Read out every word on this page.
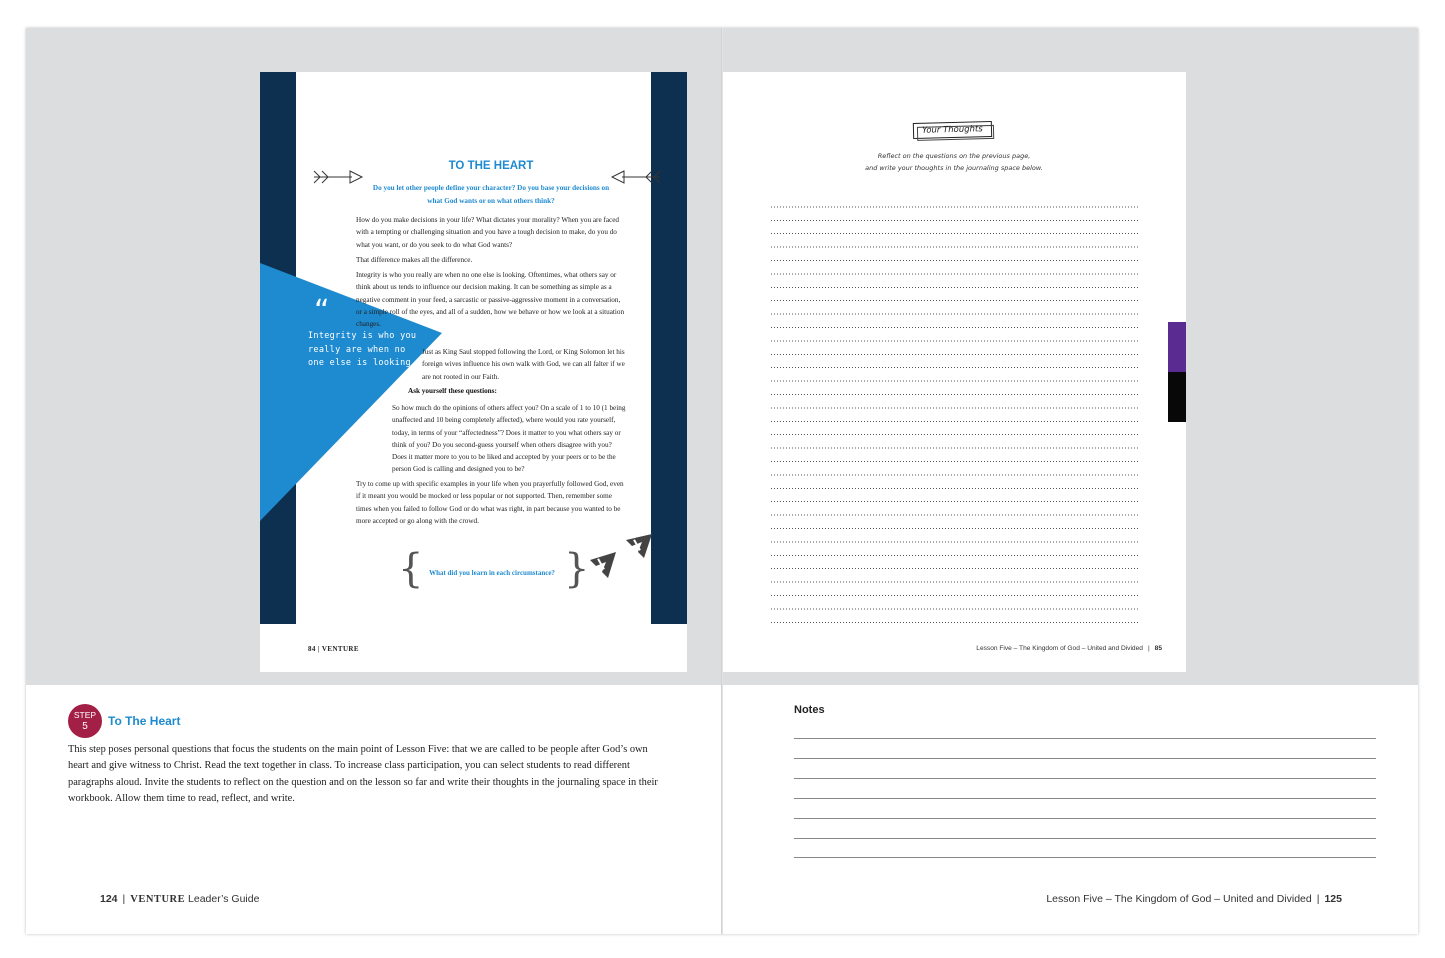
“
Integrity is who you really are when no one else is looking.
TO THE HEART
Do you let other people define your character? Do you base your decisions on what God wants or on what others think?
How do you make decisions in your life? What dictates your morality? When you are faced with a tempting or challenging situation and you have a tough decision to make, do you do what you want, or do you seek to do what God wants?
That difference makes all the difference.
Integrity is who you really are when no one else is looking. Oftentimes, what others say or think about us tends to influence our decision making. It can be something as simple as a negative comment in your feed, a sarcastic or passive-aggressive moment in a conversation, or a simple roll of the eyes, and all of a sudden, how we behave or how we look at a situation changes.
Just as King Saul stopped following the Lord, or King Solomon let his foreign wives influence his own walk with God, we can all falter if we are not rooted in our Faith.
Ask yourself these questions:
So how much do the opinions of others affect you? On a scale of 1 to 10 (1 being unaffected and 10 being completely affected), where would you rate yourself, today, in terms of your “affectedness”? Does it matter to you what others say or think of you? Do you second-guess yourself when others disagree with you? Does it matter more to you to be liked and accepted by your peers or to be the person God is calling and designed you to be?
Try to come up with specific examples in your life when you prayerfully followed God, even if it meant you would be mocked or less popular or not supported. Then, remember some times when you failed to follow God or do what was right, in part because you wanted to be more accepted or go along with the crowd.
{ What did you learn in each circumstance? }
84 | VENTURE
Your Thoughts
Reflect on the questions on the previous page,
and write your thoughts in the journaling space below.
Lesson Five – The Kingdom of God – United and Divided | 85
STEP
5	To The Heart
This step poses personal questions that focus the students on the main point of Lesson Five: that we are called to be people after God’s own heart and give witness to Christ. Read the text together in class. To increase class participation, you can select students to read different paragraphs aloud. Invite the students to reflect on the question and on the lesson so far and write their thoughts in the journaling space in their workbook. Allow them time to read, reflect, and write.
Notes
124 | VENTURE Leader’s Guide	Lesson Five – The Kingdom of God – United and Divided | 125
